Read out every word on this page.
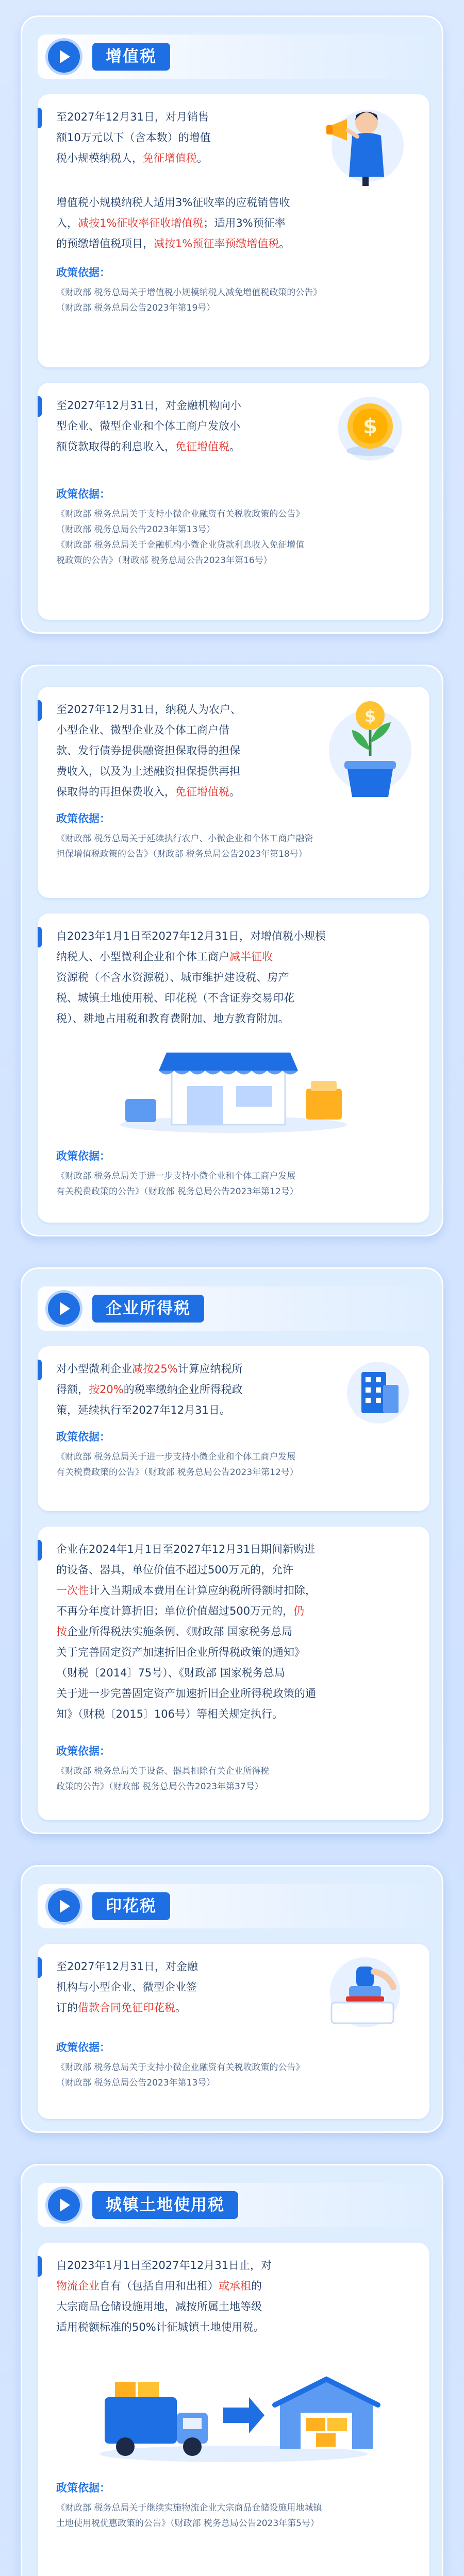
增值税
至2027年12月31日，对月销售
额10万元以下（含本数）的增值
税小规模纳税人，免征增值税。
增值税小规模纳税人适用3%征收率的应税销售收
入，减按1%征收率征收增值税；适用3%预征率
的预缴增值税项目，减按1%预征率预缴增值税。
政策依据：
《财政部 税务总局关于增值税小规模纳税人减免增值税政策的公告》
（财政部 税务总局公告2023年第19号）
至2027年12月31日，对金融机构向小
型企业、微型企业和个体工商户发放小
额贷款取得的利息收入，免征增值税。
$
政策依据：
《财政部 税务总局关于支持小微企业融资有关税收政策的公告》
（财政部 税务总局公告2023年第13号）
《财政部 税务总局关于金融机构小微企业贷款利息收入免征增值
税政策的公告》（财政部 税务总局公告2023年第16号）
至2027年12月31日，纳税人为农户、
小型企业、微型企业及个体工商户借
款、发行债券提供融资担保取得的担保
费收入，以及为上述融资担保提供再担
保取得的再担保费收入，免征增值税。
$
政策依据：
《财政部 税务总局关于延续执行农户、小微企业和个体工商户融资
担保增值税政策的公告》（财政部 税务总局公告2023年第18号）
自2023年1月1日至2027年12月31日，对增值税小规模
纳税人、小型微利企业和个体工商户减半征收
资源税（不含水资源税）、城市维护建设税、房产
税、城镇土地使用税、印花税（不含证券交易印花
税）、耕地占用税和教育费附加、地方教育附加。
政策依据：
《财政部 税务总局关于进一步支持小微企业和个体工商户发展
有关税费政策的公告》（财政部 税务总局公告2023年第12号）
企业所得税
对小型微利企业减按25%计算应纳税所
得额，按20%的税率缴纳企业所得税政
策，延续执行至2027年12月31日。
政策依据：
《财政部 税务总局关于进一步支持小微企业和个体工商户发展
有关税费政策的公告》（财政部 税务总局公告2023年第12号）
企业在2024年1月1日至2027年12月31日期间新购进
的设备、器具，单位价值不超过500万元的，允许
一次性计入当期成本费用在计算应纳税所得额时扣除，
不再分年度计算折旧；单位价值超过500万元的，仍
按企业所得税法实施条例、《财政部 国家税务总局
关于完善固定资产加速折旧企业所得税政策的通知》
（财税〔2014〕75号）、《财政部 国家税务总局
关于进一步完善固定资产加速折旧企业所得税政策的通
知》（财税〔2015〕106号）等相关规定执行。
政策依据：
《财政部 税务总局关于设备、器具扣除有关企业所得税
政策的公告》（财政部 税务总局公告2023年第37号）
印花税
至2027年12月31日，对金融
机构与小型企业、微型企业签
订的借款合同免征印花税。
政策依据：
《财政部 税务总局关于支持小微企业融资有关税收政策的公告》
（财政部 税务总局公告2023年第13号）
城镇土地使用税
自2023年1月1日至2027年12月31日止，对
物流企业自有（包括自用和出租）或承租的
大宗商品仓储设施用地，减按所属土地等级
适用税额标准的50%计征城镇土地使用税。
政策依据：
《财政部 税务总局关于继续实施物流企业大宗商品仓储设施用地城镇
土地使用税优惠政策的公告》（财政部 税务总局公告2023年第5号）
